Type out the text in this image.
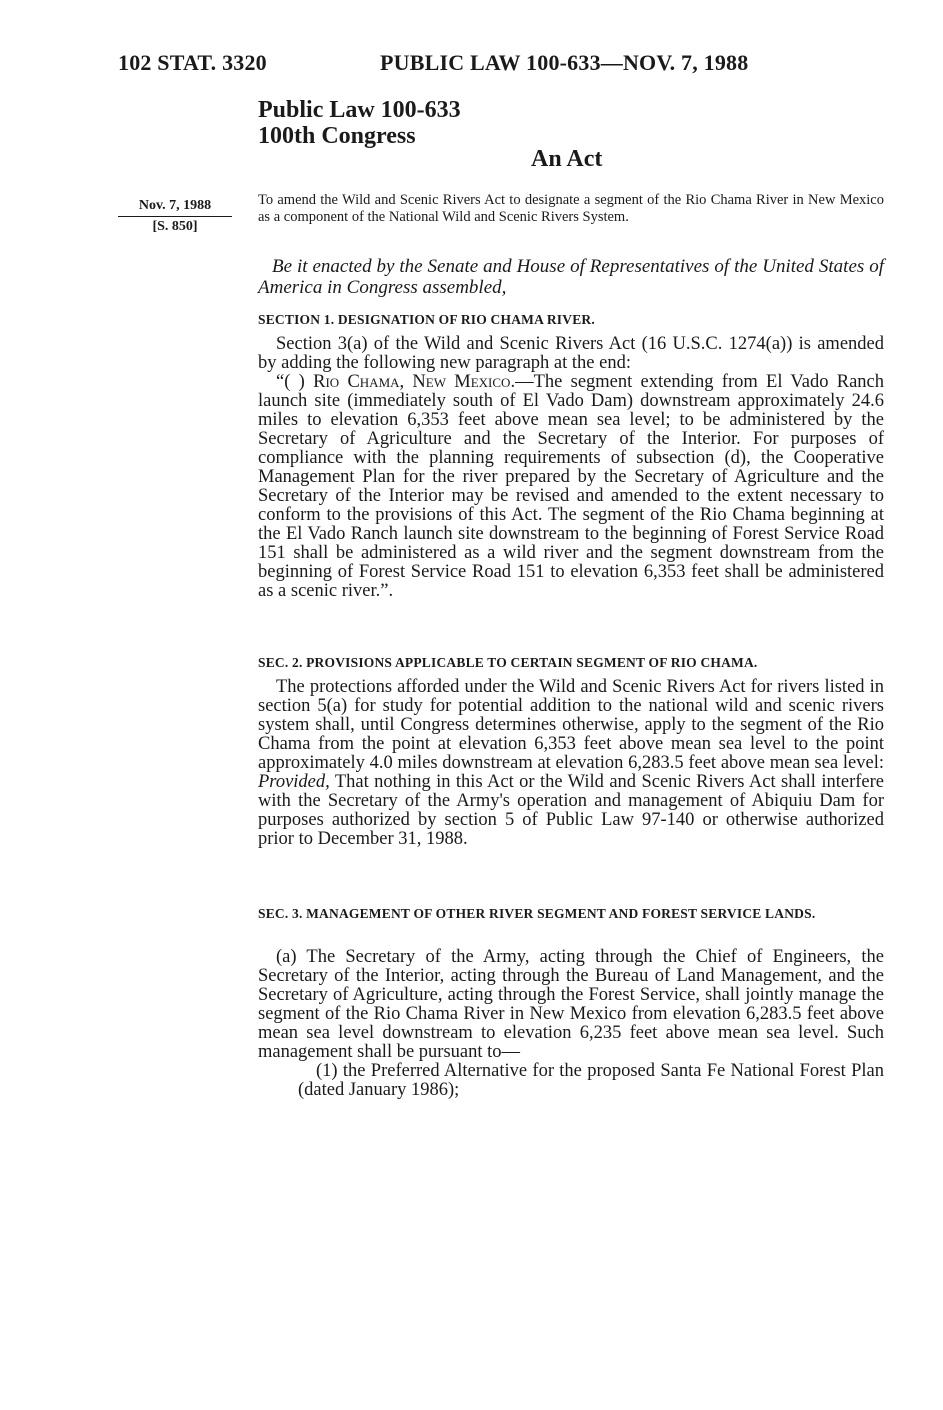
102 STAT. 3320	PUBLIC LAW 100-633—NOV. 7, 1988
Public Law 100-633
100th Congress
An Act
Nov. 7, 1988
[S. 850]
To amend the Wild and Scenic Rivers Act to designate a segment of the Rio Chama River in New Mexico as a component of the National Wild and Scenic Rivers System.
Be it enacted by the Senate and House of Representatives of the United States of America in Congress assembled,
SECTION 1. DESIGNATION OF RIO CHAMA RIVER.

Section 3(a) of the Wild and Scenic Rivers Act (16 U.S.C. 1274(a)) is amended by adding the following new paragraph at the end:

“( ) Rio Chama, New Mexico.—The segment extending from El Vado Ranch launch site (immediately south of El Vado Dam) downstream approximately 24.6 miles to elevation 6,353 feet above mean sea level; to be administered by the Secretary of Agriculture and the Secretary of the Interior. For purposes of compliance with the planning requirements of subsection (d), the Cooperative Management Plan for the river prepared by the Secretary of Agriculture and the Secretary of the Interior may be revised and amended to the extent necessary to conform to the provisions of this Act. The segment of the Rio Chama beginning at the El Vado Ranch launch site downstream to the beginning of Forest Service Road 151 shall be administered as a wild river and the segment downstream from the beginning of Forest Service Road 151 to elevation 6,353 feet shall be administered as a scenic river.”.

SEC. 2. PROVISIONS APPLICABLE TO CERTAIN SEGMENT OF RIO CHAMA.

The protections afforded under the Wild and Scenic Rivers Act for rivers listed in section 5(a) for study for potential addition to the national wild and scenic rivers system shall, until Congress determines otherwise, apply to the segment of the Rio Chama from the point at elevation 6,353 feet above mean sea level to the point approximately 4.0 miles downstream at elevation 6,283.5 feet above mean sea level: Provided, That nothing in this Act or the Wild and Scenic Rivers Act shall interfere with the Secretary of the Army's operation and management of Abiquiu Dam for purposes authorized by section 5 of Public Law 97-140 or otherwise authorized prior to December 31, 1988.

SEC. 3. MANAGEMENT OF OTHER RIVER SEGMENT AND FOREST SERVICE LANDS.

(a) The Secretary of the Army, acting through the Chief of Engineers, the Secretary of the Interior, acting through the Bureau of Land Management, and the Secretary of Agriculture, acting through the Forest Service, shall jointly manage the segment of the Rio Chama River in New Mexico from elevation 6,283.5 feet above mean sea level downstream to elevation 6,235 feet above mean sea level. Such management shall be pursuant to—

(1) the Preferred Alternative for the proposed Santa Fe National Forest Plan (dated January 1986);
